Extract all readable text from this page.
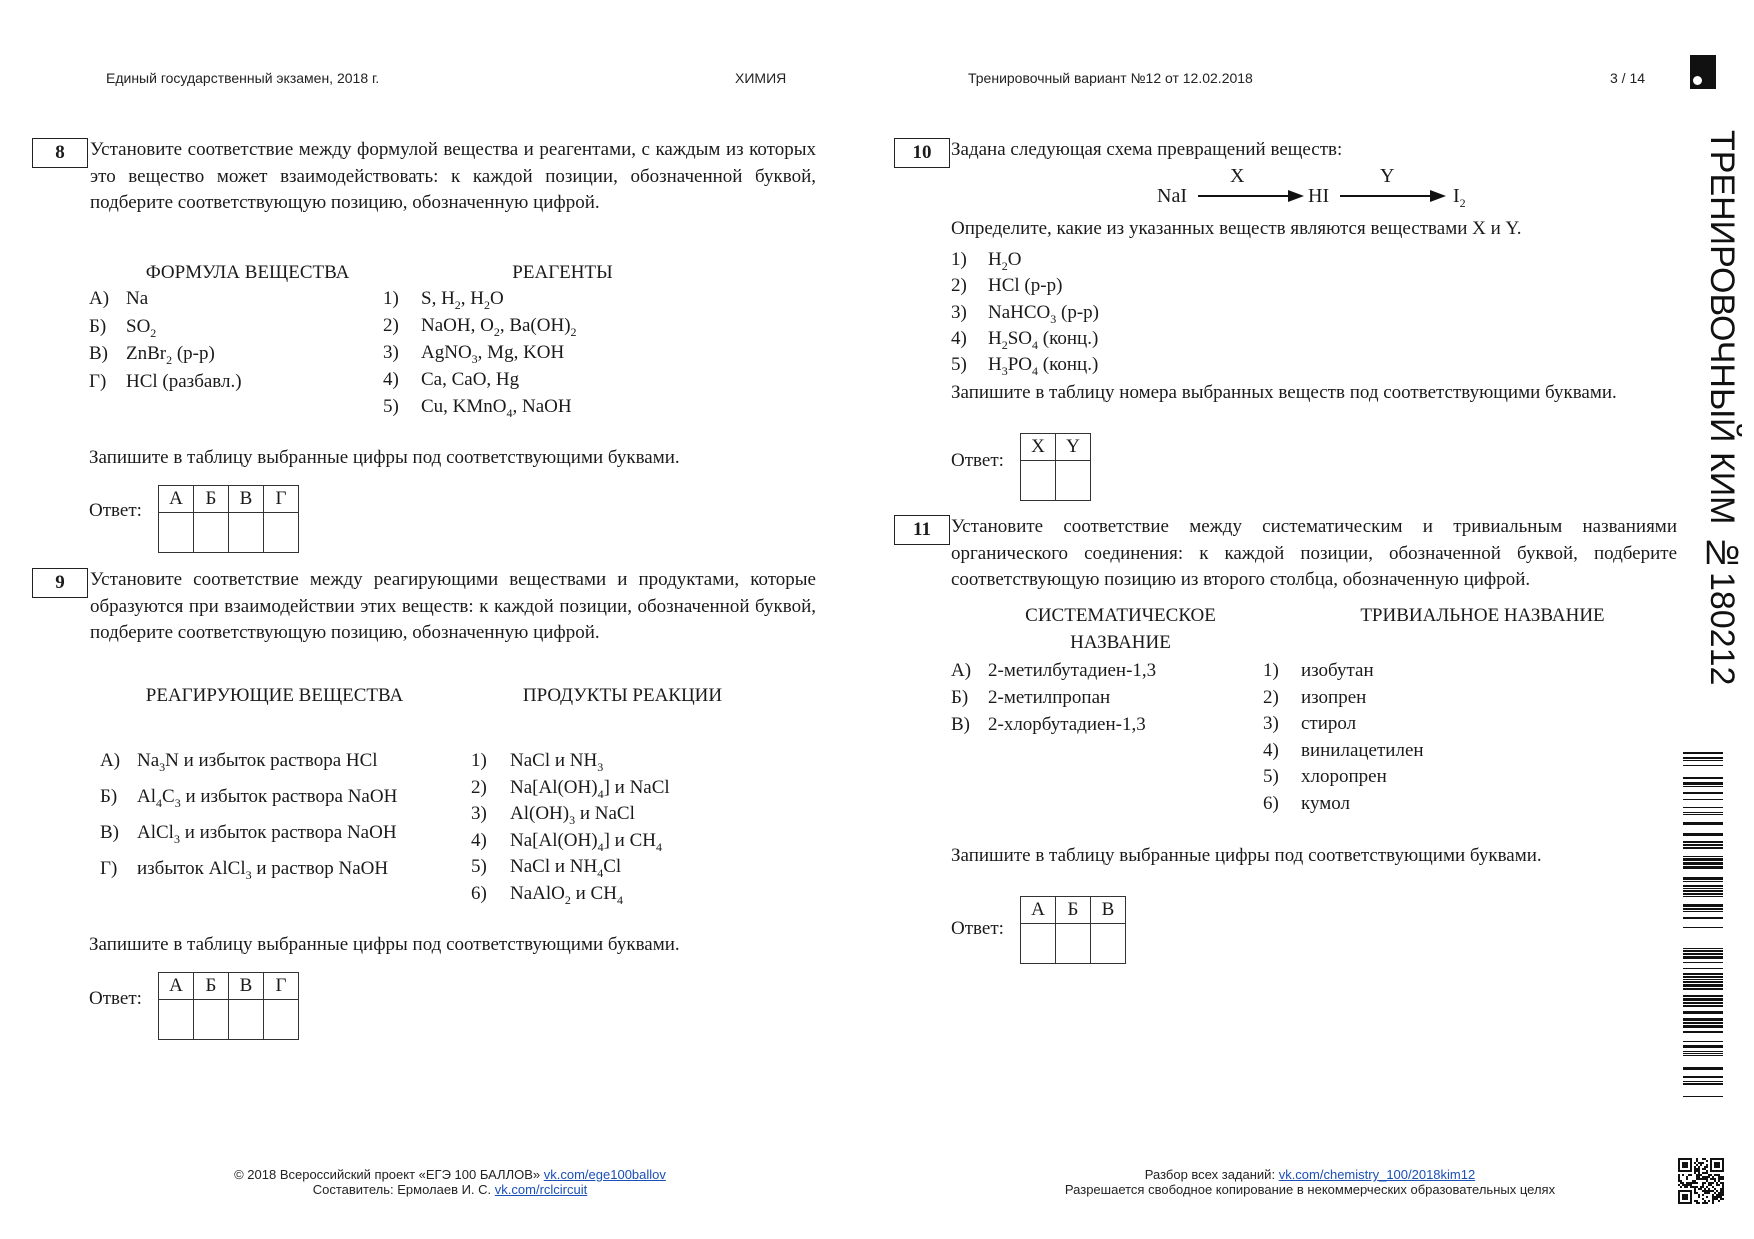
Единый государственный экзамен, 2018 г.	ХИМИЯ	Тренировочный вариант №12 от 12.02.2018	3 / 14
ТРЕНИРОВОЧНЫЙ КИМ №180212
8	Установите соответствие между формулой вещества и реагентами, с каждым из которых это вещество может взаимодействовать: к каждой позиции, обозначенной буквой, подберите соответствующую позицию, обозначенную цифрой.
ФОРМУЛА ВЕЩЕСТВА	РЕАГЕНТЫ
А) Na
Б) $SO_2$
В) ZnBr$_2$ (р-р)
Г) HCl (разбавл.)
1) S, $H_2$, $H_2O$
2) NaOH, $O_2$, $Ba(OH)_2$
3) AgNO$_3$, Mg, KOH
4) Ca, CaO, Hg
5) Cu, KMnO$_4$, NaOH
Запишите в таблицу выбранные цифры под соответствующими буквами.
Ответ:
А	Б	В	Г

9	Установите соответствие между реагирующими веществами и продуктами, которые образуются при взаимодействии этих веществ: к каждой позиции, обозначенной буквой, подберите соответствующую позицию, обозначенную цифрой.
РЕАГИРУЮЩИЕ ВЕЩЕСТВА	ПРОДУКТЫ РЕАКЦИИ
А) $Na_3N$ и избыток раствора HCl
Б) $Al_4C_3$ и избыток раствора NaOH
В) AlCl$_3$ и избыток раствора NaOH
Г) избыток AlCl$_3$ и раствор NaOH
1) NaCl и $NH_3$
2) $Na[Al(OH)_4]$ и NaCl
3) $Al(OH)_3$ и NaCl
4) $Na[Al(OH)_4]$ и $CH_4$
5) NaCl и $NH_4Cl$
6) NaAlO$_2$ и $CH_4$
Запишите в таблицу выбранные цифры под соответствующими буквами.
Ответ:
А	Б	В	Г

10	Задана следующая схема превращений веществ:
NaI
X
HI
Y
$I_2$
Определите, какие из указанных веществ являются веществами X и Y.
1) $H_2O$
2) HCl (р-р)
3) NaHCO$_3$ (р-р)
4) $H_2SO_4$ (конц.)
5) $H_3PO_4$ (конц.)
Запишите в таблицу номера выбранных веществ под соответствующими буквами.
Ответ:
X	Y

11	Установите соответствие между систематическим и тривиальным названиями органического соединения: к каждой позиции, обозначенной буквой, подберите соответствующую позицию из второго столбца, обозначенную цифрой.
СИСТЕМАТИЧЕСКОЕ
НАЗВАНИЕ
ТРИВИАЛЬНОЕ НАЗВАНИЕ
А) 2-метилбутадиен-1,3
Б) 2-метилпропан
В) 2-хлорбутадиен-1,3
1) изобутан
2) изопрен
3) стирол
4) винилацетилен
5) хлоропрен
6) кумол
Запишите в таблицу выбранные цифры под соответствующими буквами.
Ответ:
А	Б	В

© 2018 Всероссийский проект «ЕГЭ 100 БАЛЛОВ» vk.com/ege100ballov
Составитель: Ермолаев И. С. vk.com/rclcircuit
Разбор всех заданий: vk.com/chemistry_100/2018kim12
Разрешается свободное копирование в некоммерческих образовательных целях
